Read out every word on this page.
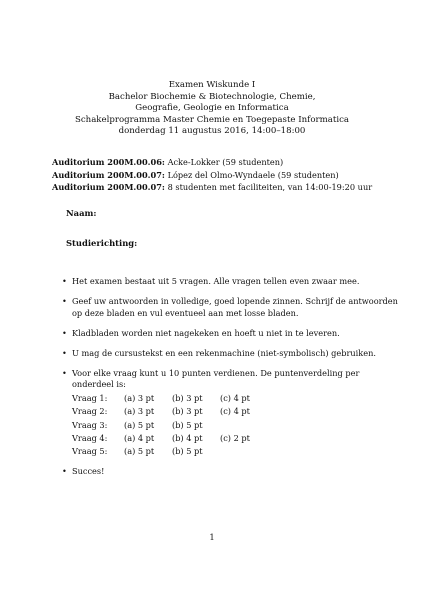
Examen Wiskunde I
Bachelor Biochemie & Biotechnologie, Chemie,
Geografie, Geologie en Informatica
Schakelprogramma Master Chemie en Toegepaste Informatica
donderdag 11 augustus 2016, 14:00–18:00
Auditorium 200M.00.06: Acke-Lokker (59 studenten)
Auditorium 200M.00.07: López del Olmo-Wyndaele (59 studenten)
Auditorium 200M.00.07: 8 studenten met faciliteiten, van 14:00-19:20 uur
Naam:
Studierichting:
• Het examen bestaat uit 5 vragen. Alle vragen tellen even zwaar mee.
• Geef uw antwoorden in volledige, goed lopende zinnen. Schrijf de antwoorden op deze bladen en vul eventueel aan met losse bladen.
• Kladbladen worden niet nagekeken en hoeft u niet in te leveren.
• U mag de cursustekst en een rekenmachine (niet-symbolisch) gebruiken.
• Voor elke vraag kunt u 10 punten verdienen. De puntenverdeling per onderdeel is:
Vraag 1:	(a) 3 pt	(b) 3 pt	(c) 4 pt
Vraag 2:	(a) 3 pt	(b) 3 pt	(c) 4 pt
Vraag 3:	(a) 5 pt	(b) 5 pt	
Vraag 4:	(a) 4 pt	(b) 4 pt	(c) 2 pt
Vraag 5:	(a) 5 pt	(b) 5 pt	
• Succes!
1
